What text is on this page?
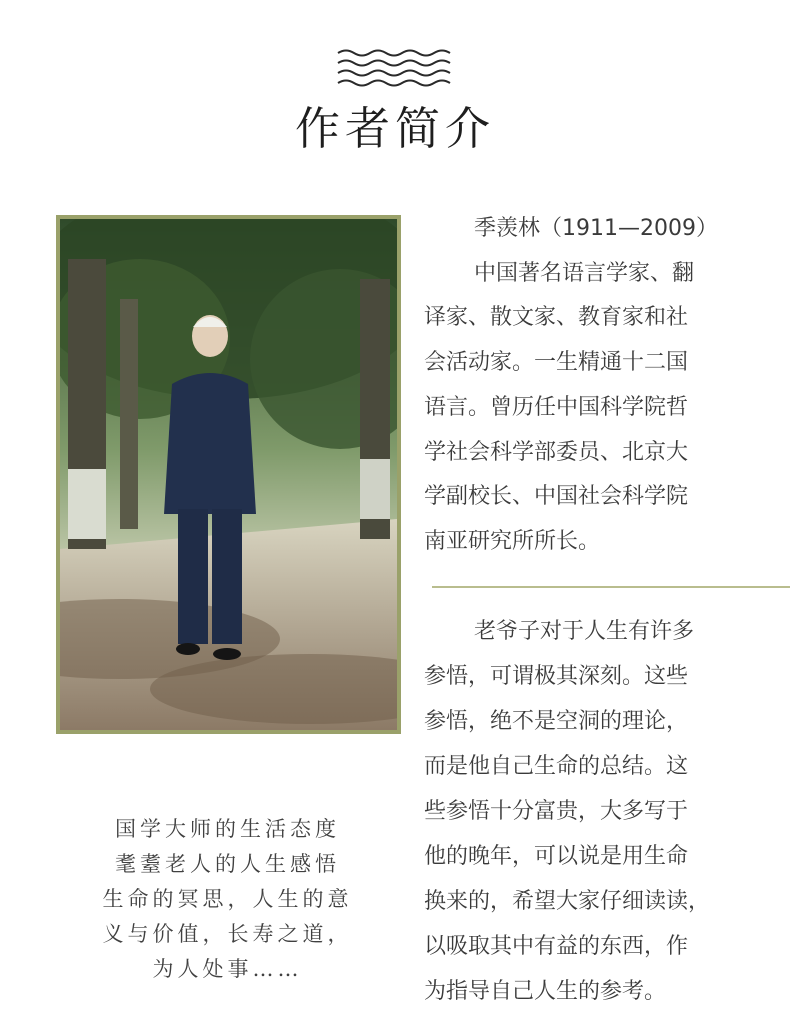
作者简介
国学大师的生活态度
耄耋老人的人生感悟
生命的冥思，人生的意
义与价值，长寿之道，
为人处事……
季羡林（1911—2009）
中国著名语言学家、翻
译家、散文家、教育家和社
会活动家。一生精通十二国
语言。曾历任中国科学院哲
学社会科学部委员、北京大
学副校长、中国社会科学院
南亚研究所所长。
老爷子对于人生有许多
参悟，可谓极其深刻。这些
参悟，绝不是空洞的理论，
而是他自己生命的总结。这
些参悟十分富贵，大多写于
他的晚年，可以说是用生命
换来的，希望大家仔细读读，
以吸取其中有益的东西，作
为指导自己人生的参考。
